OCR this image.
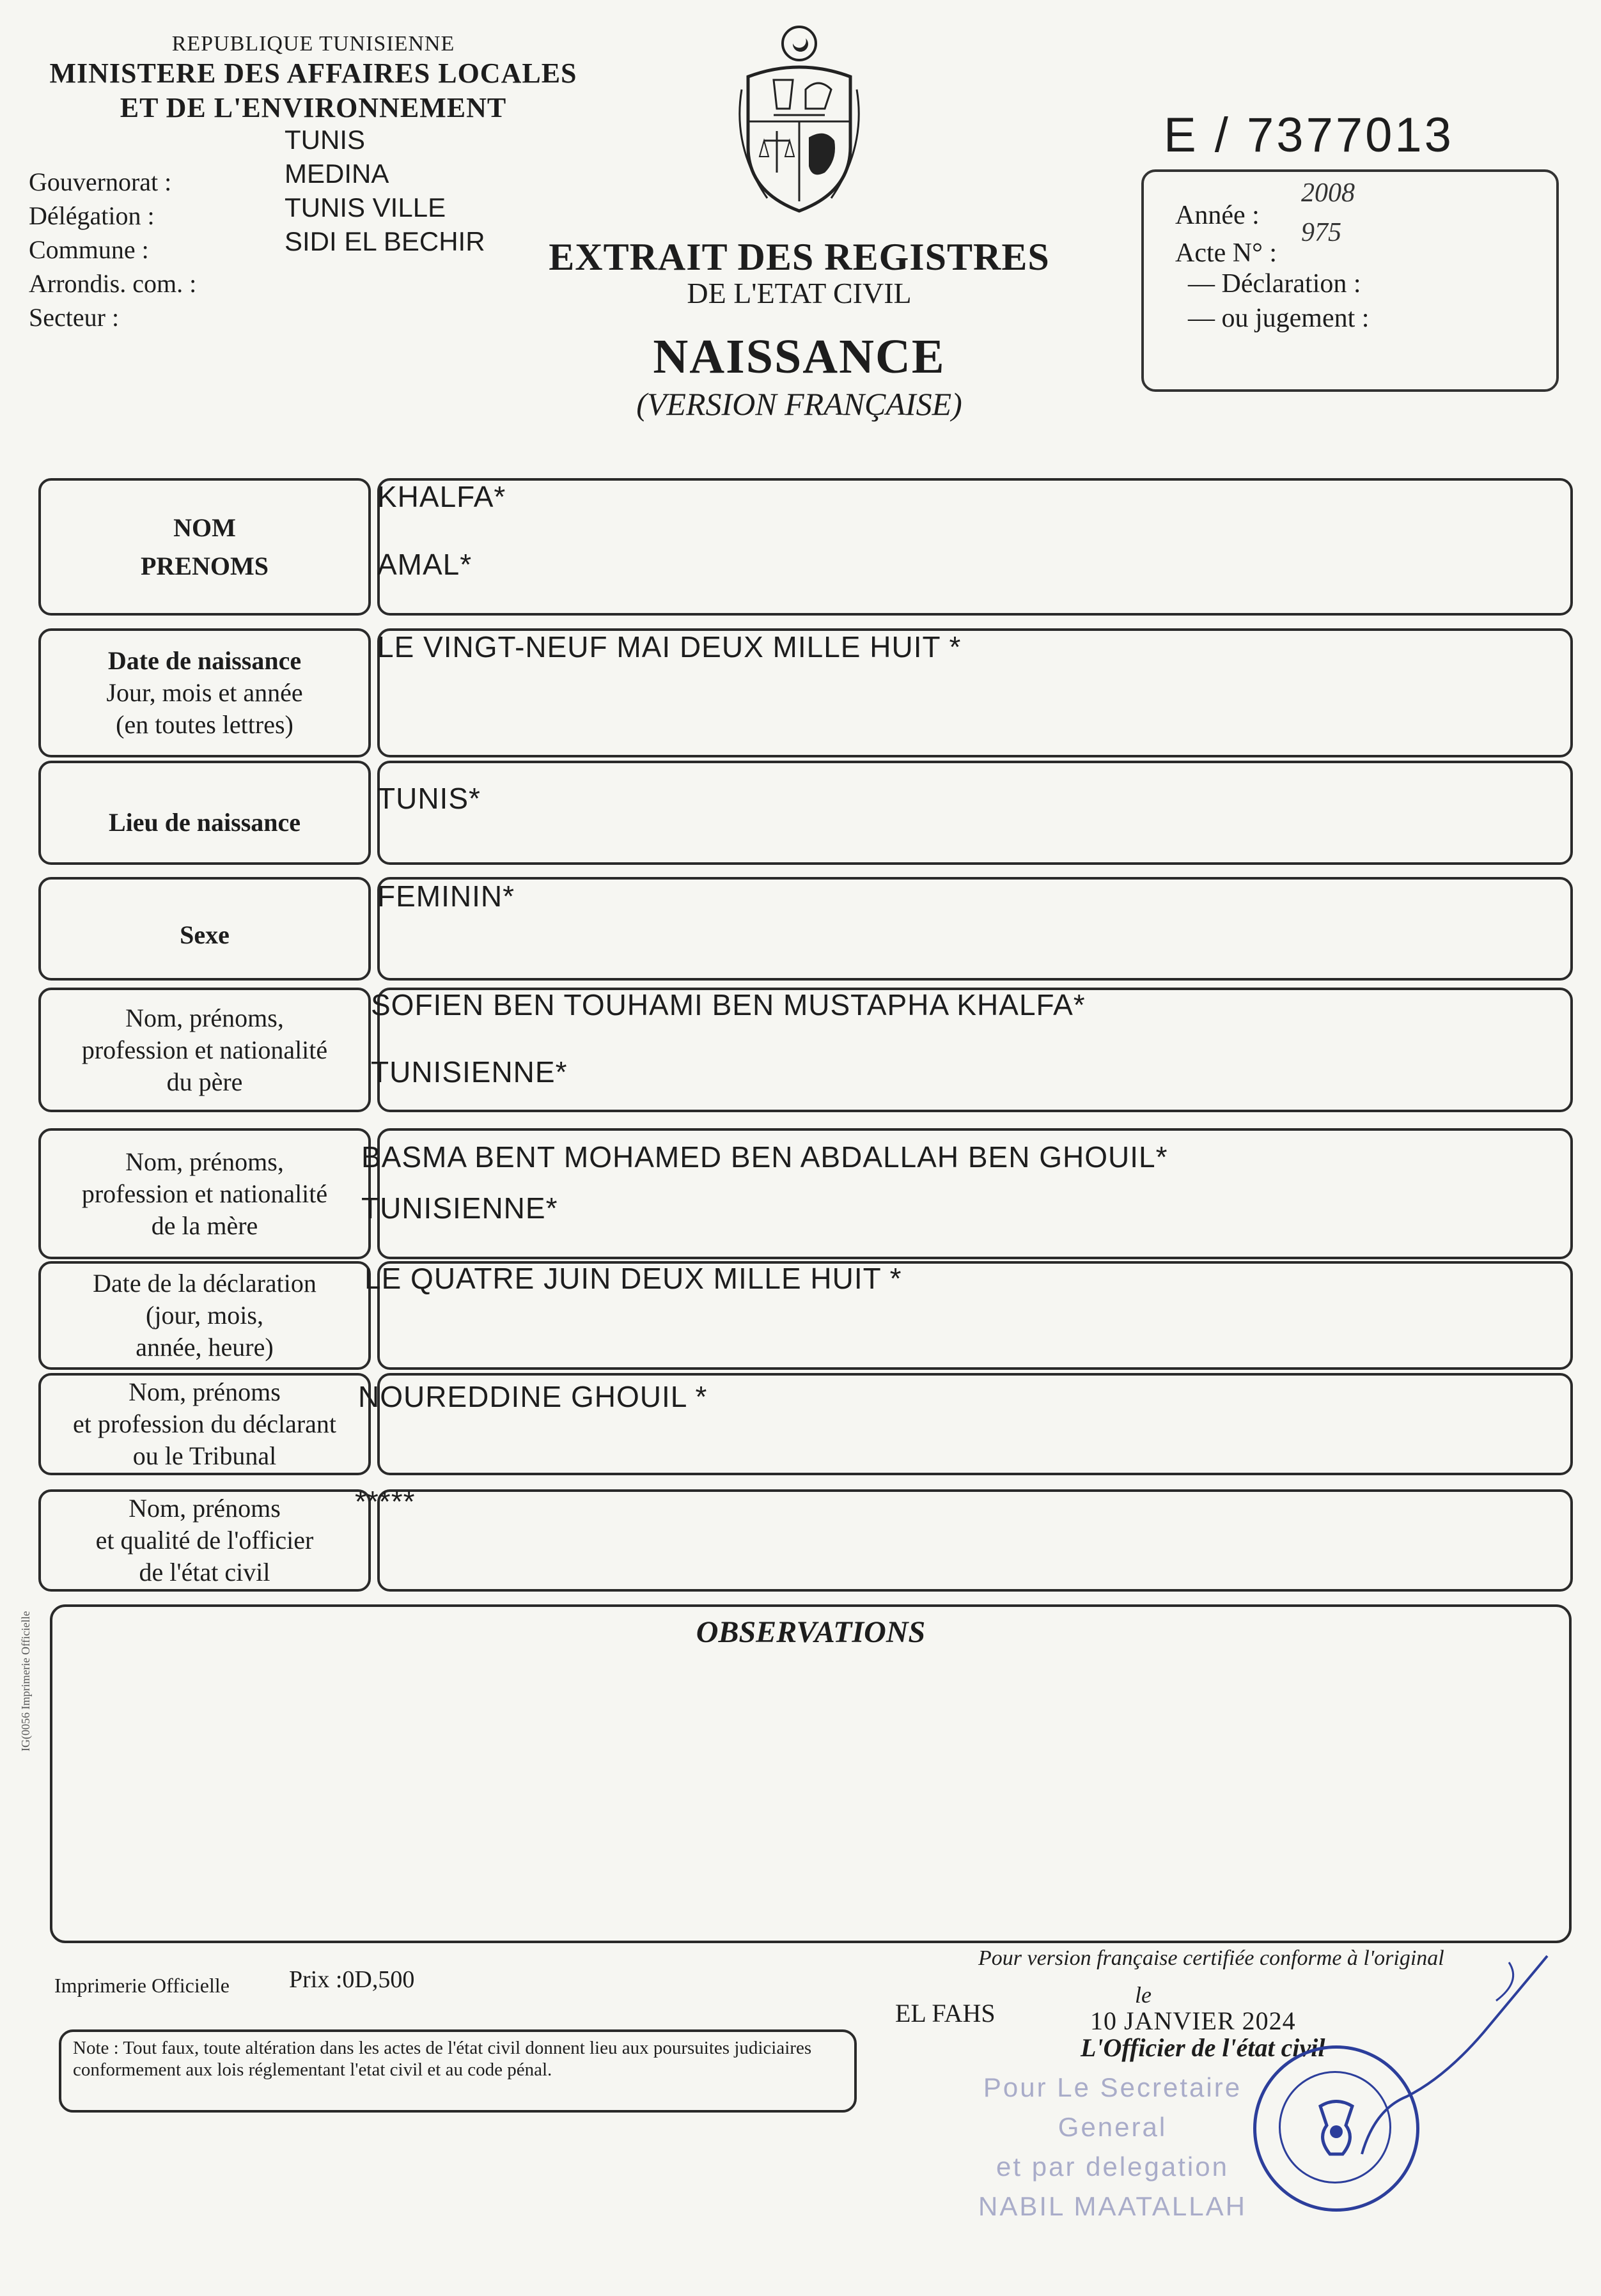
REPUBLIQUE TUNISIENNE
MINISTERE DES AFFAIRES LOCALES
ET DE L'ENVIRONNEMENT
E / 7377013
Gouvernorat :
Délégation :
Commune :
Arrondis. com. :
Secteur :
TUNIS
MEDINA
TUNIS VILLE
SIDI EL BECHIR	EXTRAIT DES REGISTRES
DE L'ETAT CIVIL
NAISSANCE
(VERSION FRANÇAISE)
Année :
2008
Acte N° :
975
— Déclaration :
— ou jugement :
NOM
PRENOMS
KHALFA*
AMAL*
Date de naissance
Jour, mois et année
(en toutes lettres)
LE VINGT-NEUF MAI DEUX MILLE HUIT *
Lieu de naissance
TUNIS*
Sexe
FEMININ*
Nom, prénoms,
profession et nationalité
du père
SOFIEN BEN TOUHAMI BEN MUSTAPHA KHALFA*
TUNISIENNE*
Nom, prénoms,
profession et nationalité
de la mère
BASMA BENT MOHAMED BEN ABDALLAH BEN GHOUIL*
TUNISIENNE*
Date de la déclaration
(jour, mois,
année, heure)
LE QUATRE JUIN DEUX MILLE HUIT *
Nom, prénoms
et profession du déclarant
ou le Tribunal
NOUREDDINE GHOUIL *
Nom, prénoms
et qualité de l'officier
de l'état civil
*****
OBSERVATIONS
IG(0056 Imprimerie Officielle
Imprimerie Officielle Prix :0D,500
Note : Tout faux, toute altération dans les actes de l'état civil donnent lieu aux poursuites judiciaires conformement aux lois réglementant l'etat civil et au code pénal.
Pour version française certifiée conforme à l'original
EL FAHS
le
10 JANVIER 2024
L'Officier de l'état civil
Pour Le Secretaire
General
et par delegation
NABIL MAATALLAH
